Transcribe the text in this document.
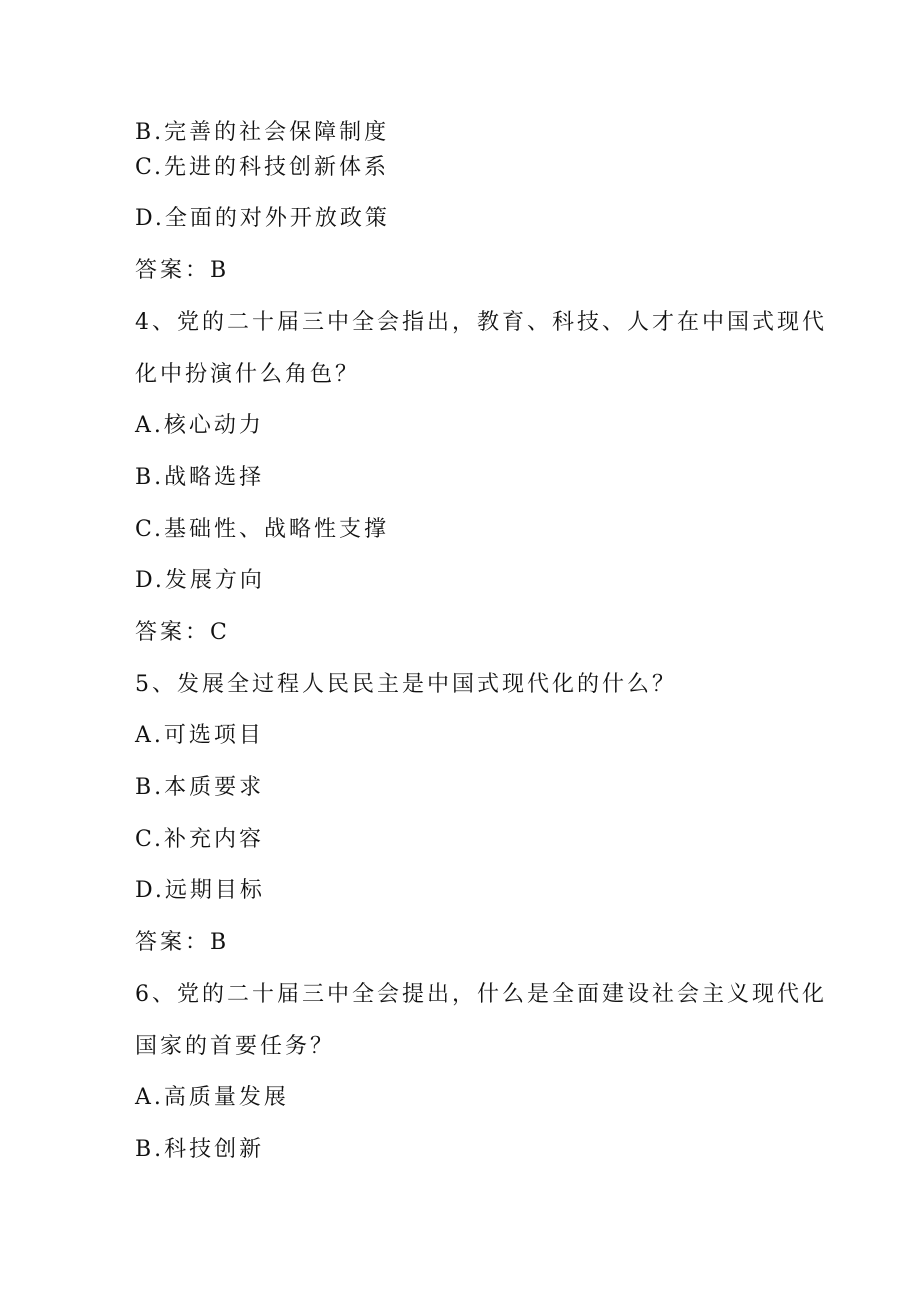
B.完善的社会保障制度

C.先进的科技创新体系

D.全面的对外开放政策

答案：B

4、党的二十届三中全会指出，教育、科技、人才在中国式现代

化中扮演什么角色？

A.核心动力

B.战略选择

C.基础性、战略性支撑

D.发展方向

答案：C

5、发展全过程人民民主是中国式现代化的什么？

A.可选项目

B.本质要求

C.补充内容

D.远期目标

答案：B

6、党的二十届三中全会提出，什么是全面建设社会主义现代化

国家的首要任务？

A.高质量发展

B.科技创新
